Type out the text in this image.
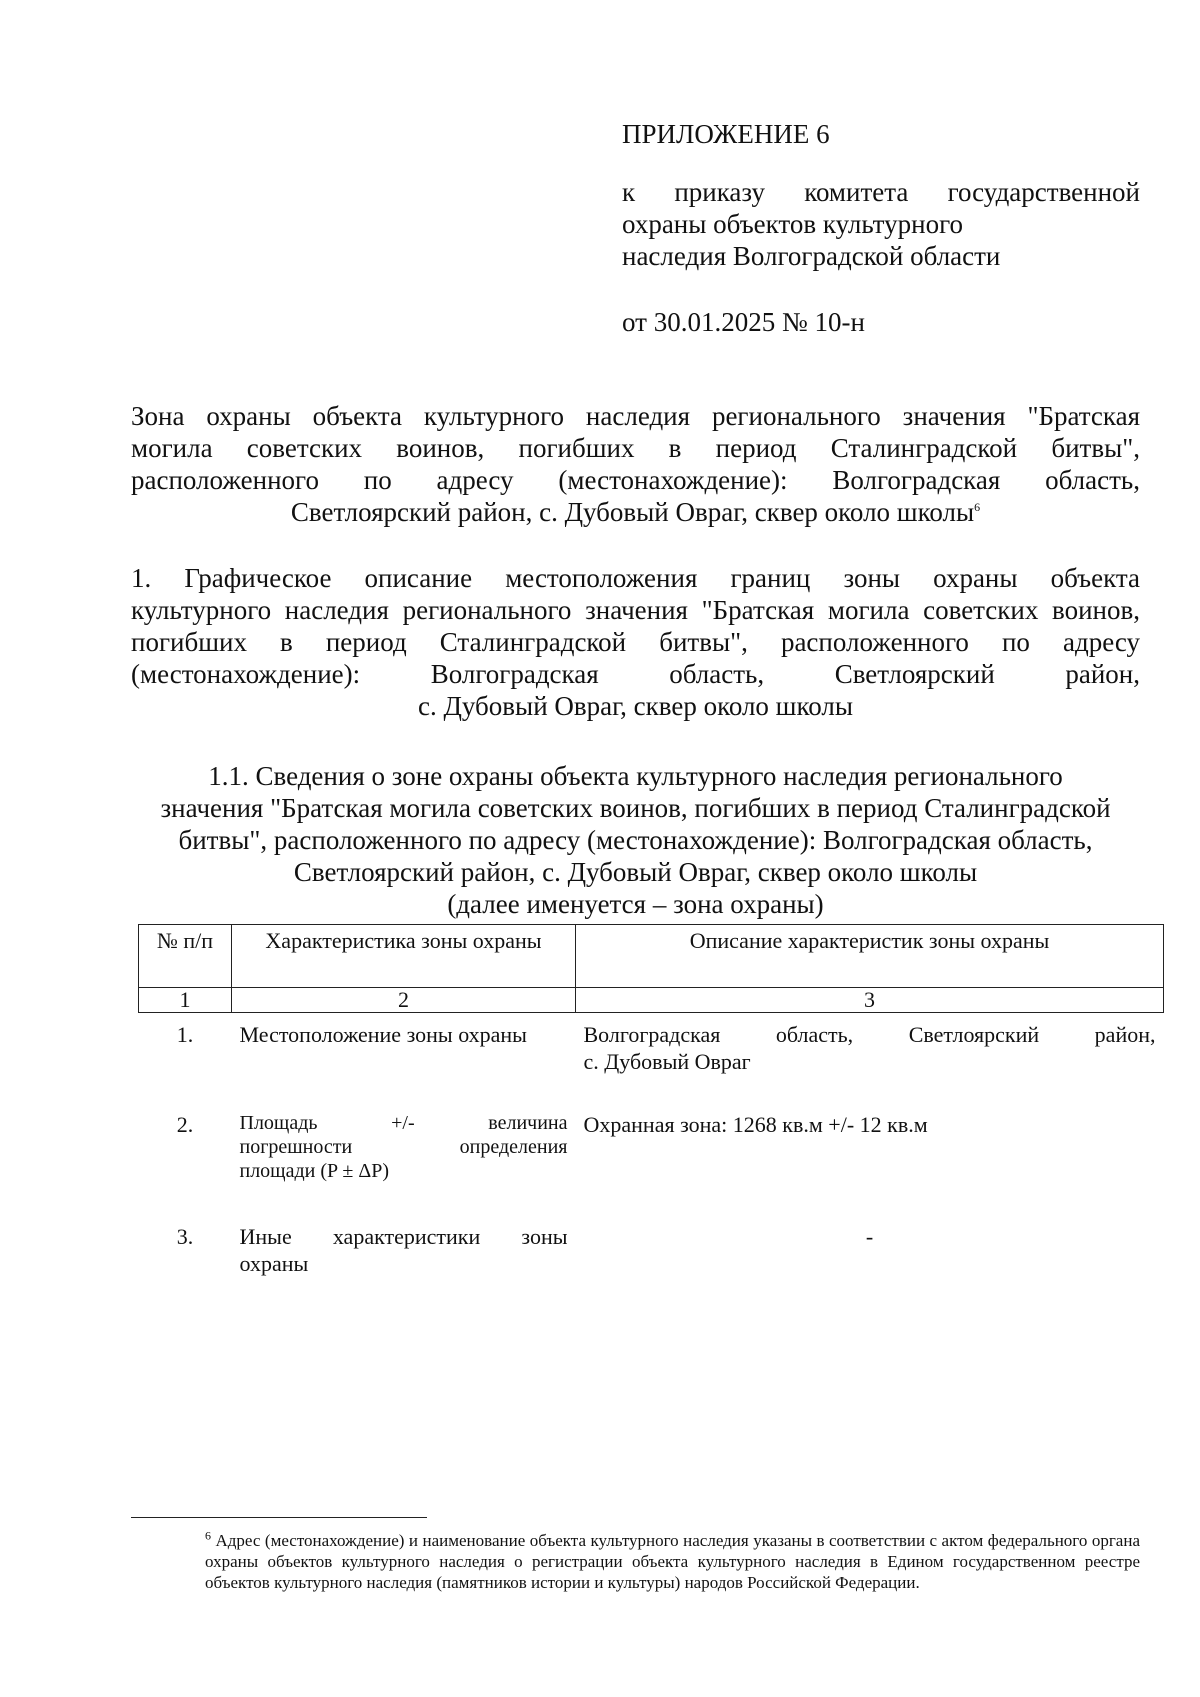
ПРИЛОЖЕНИЕ 6
к приказу комитета государственной
охраны объектов культурного
наследия Волгоградской области
от 30.01.2025 № 10-н
Зона охраны объекта культурного наследия регионального значения "Братская
могила советских воинов, погибших в период Сталинградской битвы",
расположенного по адресу (местонахождение): Волгоградская область,
Светлоярский район, с. Дубовый Овраг, сквер около школы$^6$
1. Графическое описание местоположения границ зоны охраны объекта
культурного наследия регионального значения "Братская могила советских воинов,
погибших в период Сталинградской битвы", расположенного по адресу
(местонахождение): Волгоградская область, Светлоярский район,
с. Дубовый Овраг, сквер около школы
1.1. Сведения о зоне охраны объекта культурного наследия регионального
значения "Братская могила советских воинов, погибших в период Сталинградской
битвы", расположенного по адресу (местонахождение): Волгоградская область,
Светлоярский район, с. Дубовый Овраг, сквер около школы
(далее именуется – зона охраны)
№ п/п	Характеристика зоны охраны	Описание характеристик зоны охраны
1	2	3
1.	Местоположение зоны охраны	Волгоградская область, Светлоярский район,
с. Дубовый Овраг

2.	Площадь +/- величина
погрешности определения
площади (P ± ΔP)	Охранная зона: 1268 кв.м +/- 12 кв.м
3.	Иные характеристики зоны
охраны	-
$^6$ Адрес (местонахождение) и наименование объекта культурного наследия указаны в соответствии с актом федерального органа охраны объектов культурного наследия о регистрации объекта культурного наследия в Едином государственном реестре объектов культурного наследия (памятников истории и культуры) народов Российской Федерации.
